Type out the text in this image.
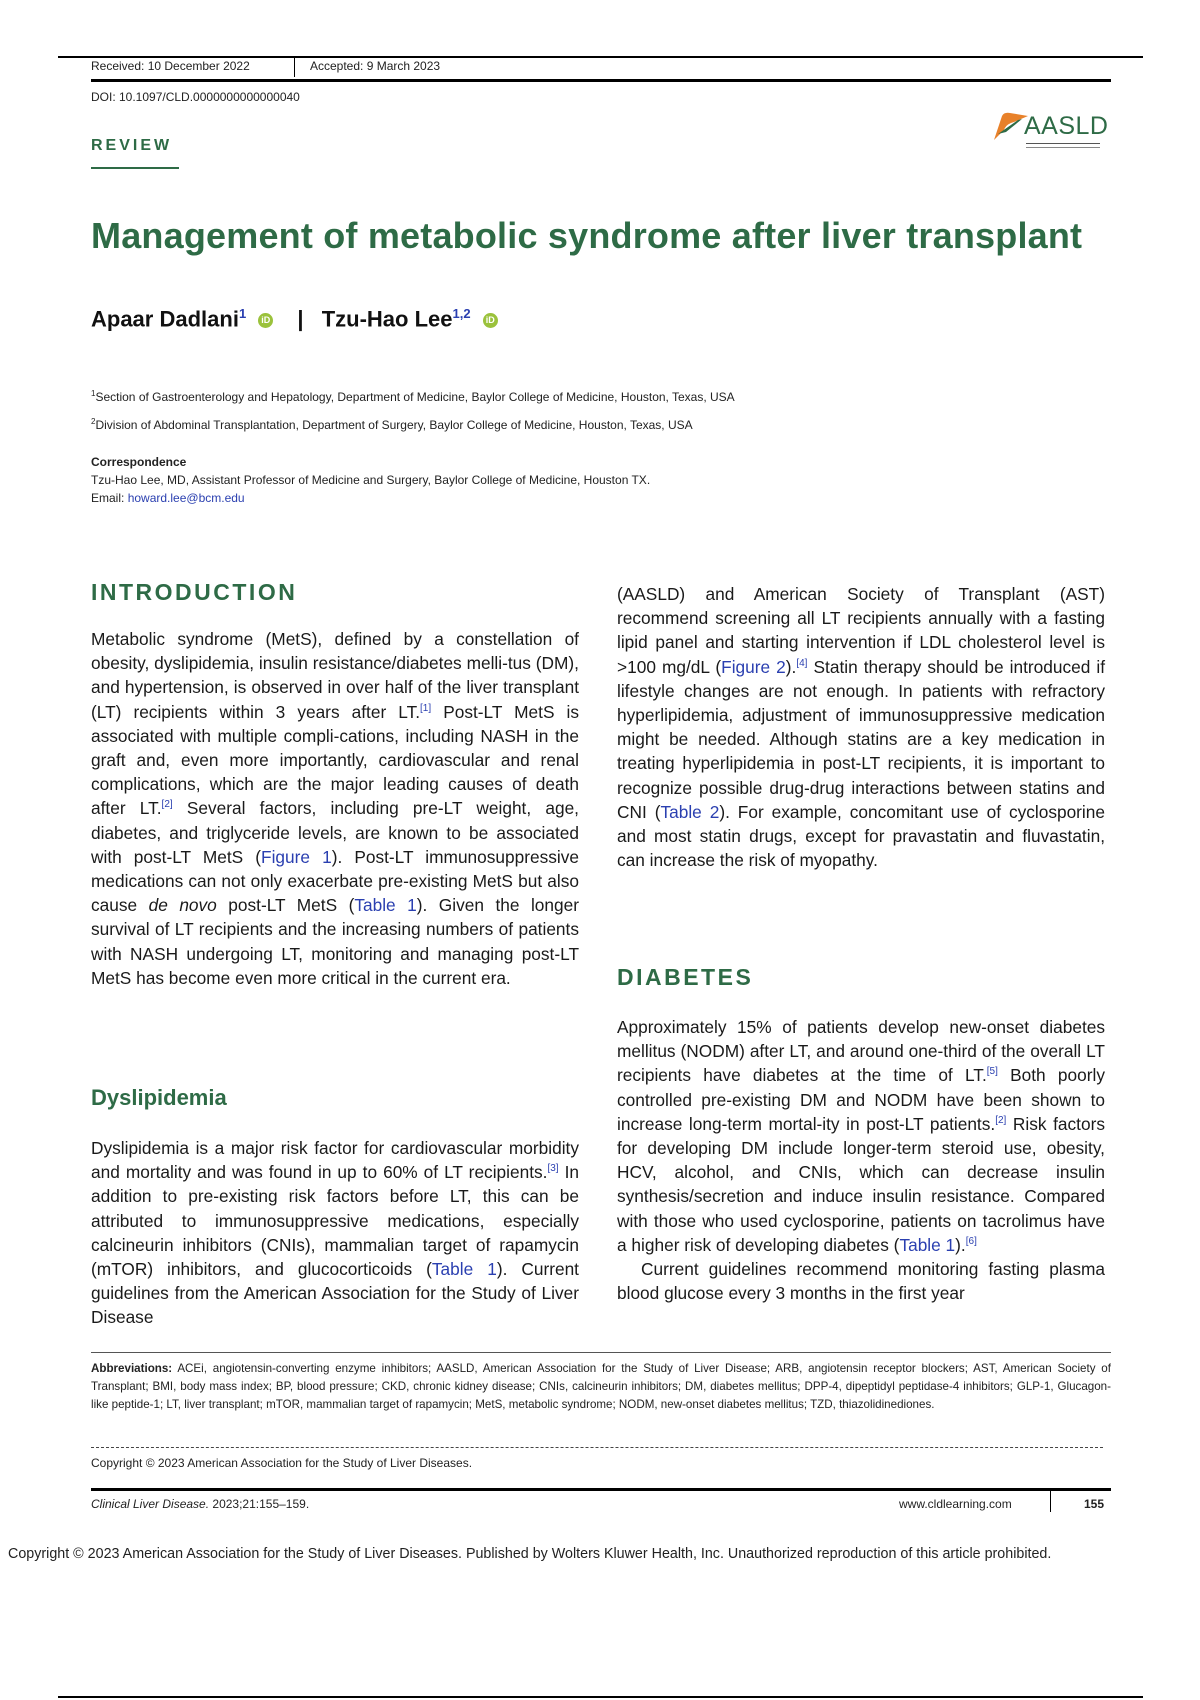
Received: 10 December 2022	Accepted: 9 March 2023
DOI: 10.1097/CLD.0000000000000040
REVIEW
AASLD
Management of metabolic syndrome after liver transplant
Apaar Dadlani$^1$ iD | Tzu-Hao Lee$^{1,2}$ iD
$^1$Section of Gastroenterology and Hepatology, Department of Medicine, Baylor College of Medicine, Houston, Texas, USA
$^2$Division of Abdominal Transplantation, Department of Surgery, Baylor College of Medicine, Houston, Texas, USA
Correspondence
Tzu-Hao Lee, MD, Assistant Professor of Medicine and Surgery, Baylor College of Medicine, Houston TX.
Email: howard.lee@bcm.edu
INTRODUCTION

Metabolic syndrome (MetS), defined by a constellation of obesity, dyslipidemia, insulin resistance/diabetes melli-tus (DM), and hypertension, is observed in over half of the liver transplant (LT) recipients within 3 years after LT.[1] Post-LT MetS is associated with multiple compli-cations, including NASH in the graft and, even more importantly, cardiovascular and renal complications, which are the major leading causes of death after LT.[2] Several factors, including pre-LT weight, age, diabetes, and triglyceride levels, are known to be associated with post-LT MetS (Figure 1). Post-LT immunosuppressive medications can not only exacerbate pre-existing MetS but also cause de novo post-LT MetS (Table 1). Given the longer survival of LT recipients and the increasing numbers of patients with NASH undergoing LT, monitoring and managing post-LT MetS has become even more critical in the current era.

Dyslipidemia

Dyslipidemia is a major risk factor for cardiovascular morbidity and mortality and was found in up to 60% of LT recipients.[3] In addition to pre-existing risk factors before LT, this can be attributed to immunosuppressive medications, especially calcineurin inhibitors (CNIs), mammalian target of rapamycin (mTOR) inhibitors, and glucocorticoids (Table 1). Current guidelines from the American Association for the Study of Liver Disease

(AASLD) and American Society of Transplant (AST) recommend screening all LT recipients annually with a fasting lipid panel and starting intervention if LDL cholesterol level is >100 mg/dL (Figure 2).[4] Statin therapy should be introduced if lifestyle changes are not enough. In patients with refractory hyperlipidemia, adjustment of immunosuppressive medication might be needed. Although statins are a key medication in treating hyperlipidemia in post-LT recipients, it is important to recognize possible drug-drug interactions between statins and CNI (Table 2). For example, concomitant use of cyclosporine and most statin drugs, except for pravastatin and fluvastatin, can increase the risk of myopathy.

DIABETES

Approximately 15% of patients develop new-onset diabetes mellitus (NODM) after LT, and around one-third of the overall LT recipients have diabetes at the time of LT.[5] Both poorly controlled pre-existing DM and NODM have been shown to increase long-term mortal-ity in post-LT patients.[2] Risk factors for developing DM include longer-term steroid use, obesity, HCV, alcohol, and CNIs, which can decrease insulin synthesis/secretion and induce insulin resistance. Compared with those who used cyclosporine, patients on tacrolimus have a higher risk of developing diabetes (Table 1).[6]

Current guidelines recommend monitoring fasting plasma blood glucose every 3 months in the first year

Abbreviations: ACEi, angiotensin-converting enzyme inhibitors; AASLD, American Association for the Study of Liver Disease; ARB, angiotensin receptor blockers; AST, American Society of Transplant; BMI, body mass index; BP, blood pressure; CKD, chronic kidney disease; CNIs, calcineurin inhibitors; DM, diabetes mellitus; DPP-4, dipeptidyl peptidase-4 inhibitors; GLP-1, Glucagon-like peptide-1; LT, liver transplant; mTOR, mammalian target of rapamycin; MetS, metabolic syndrome; NODM, new-onset diabetes mellitus; TZD, thiazolidinediones.
Copyright © 2023 American Association for the Study of Liver Diseases.
Clinical Liver Disease. 2023;21:155–159.	www.cldlearning.com	155
Copyright © 2023 American Association for the Study of Liver Diseases. Published by Wolters Kluwer Health, Inc. Unauthorized reproduction of this article prohibited.
